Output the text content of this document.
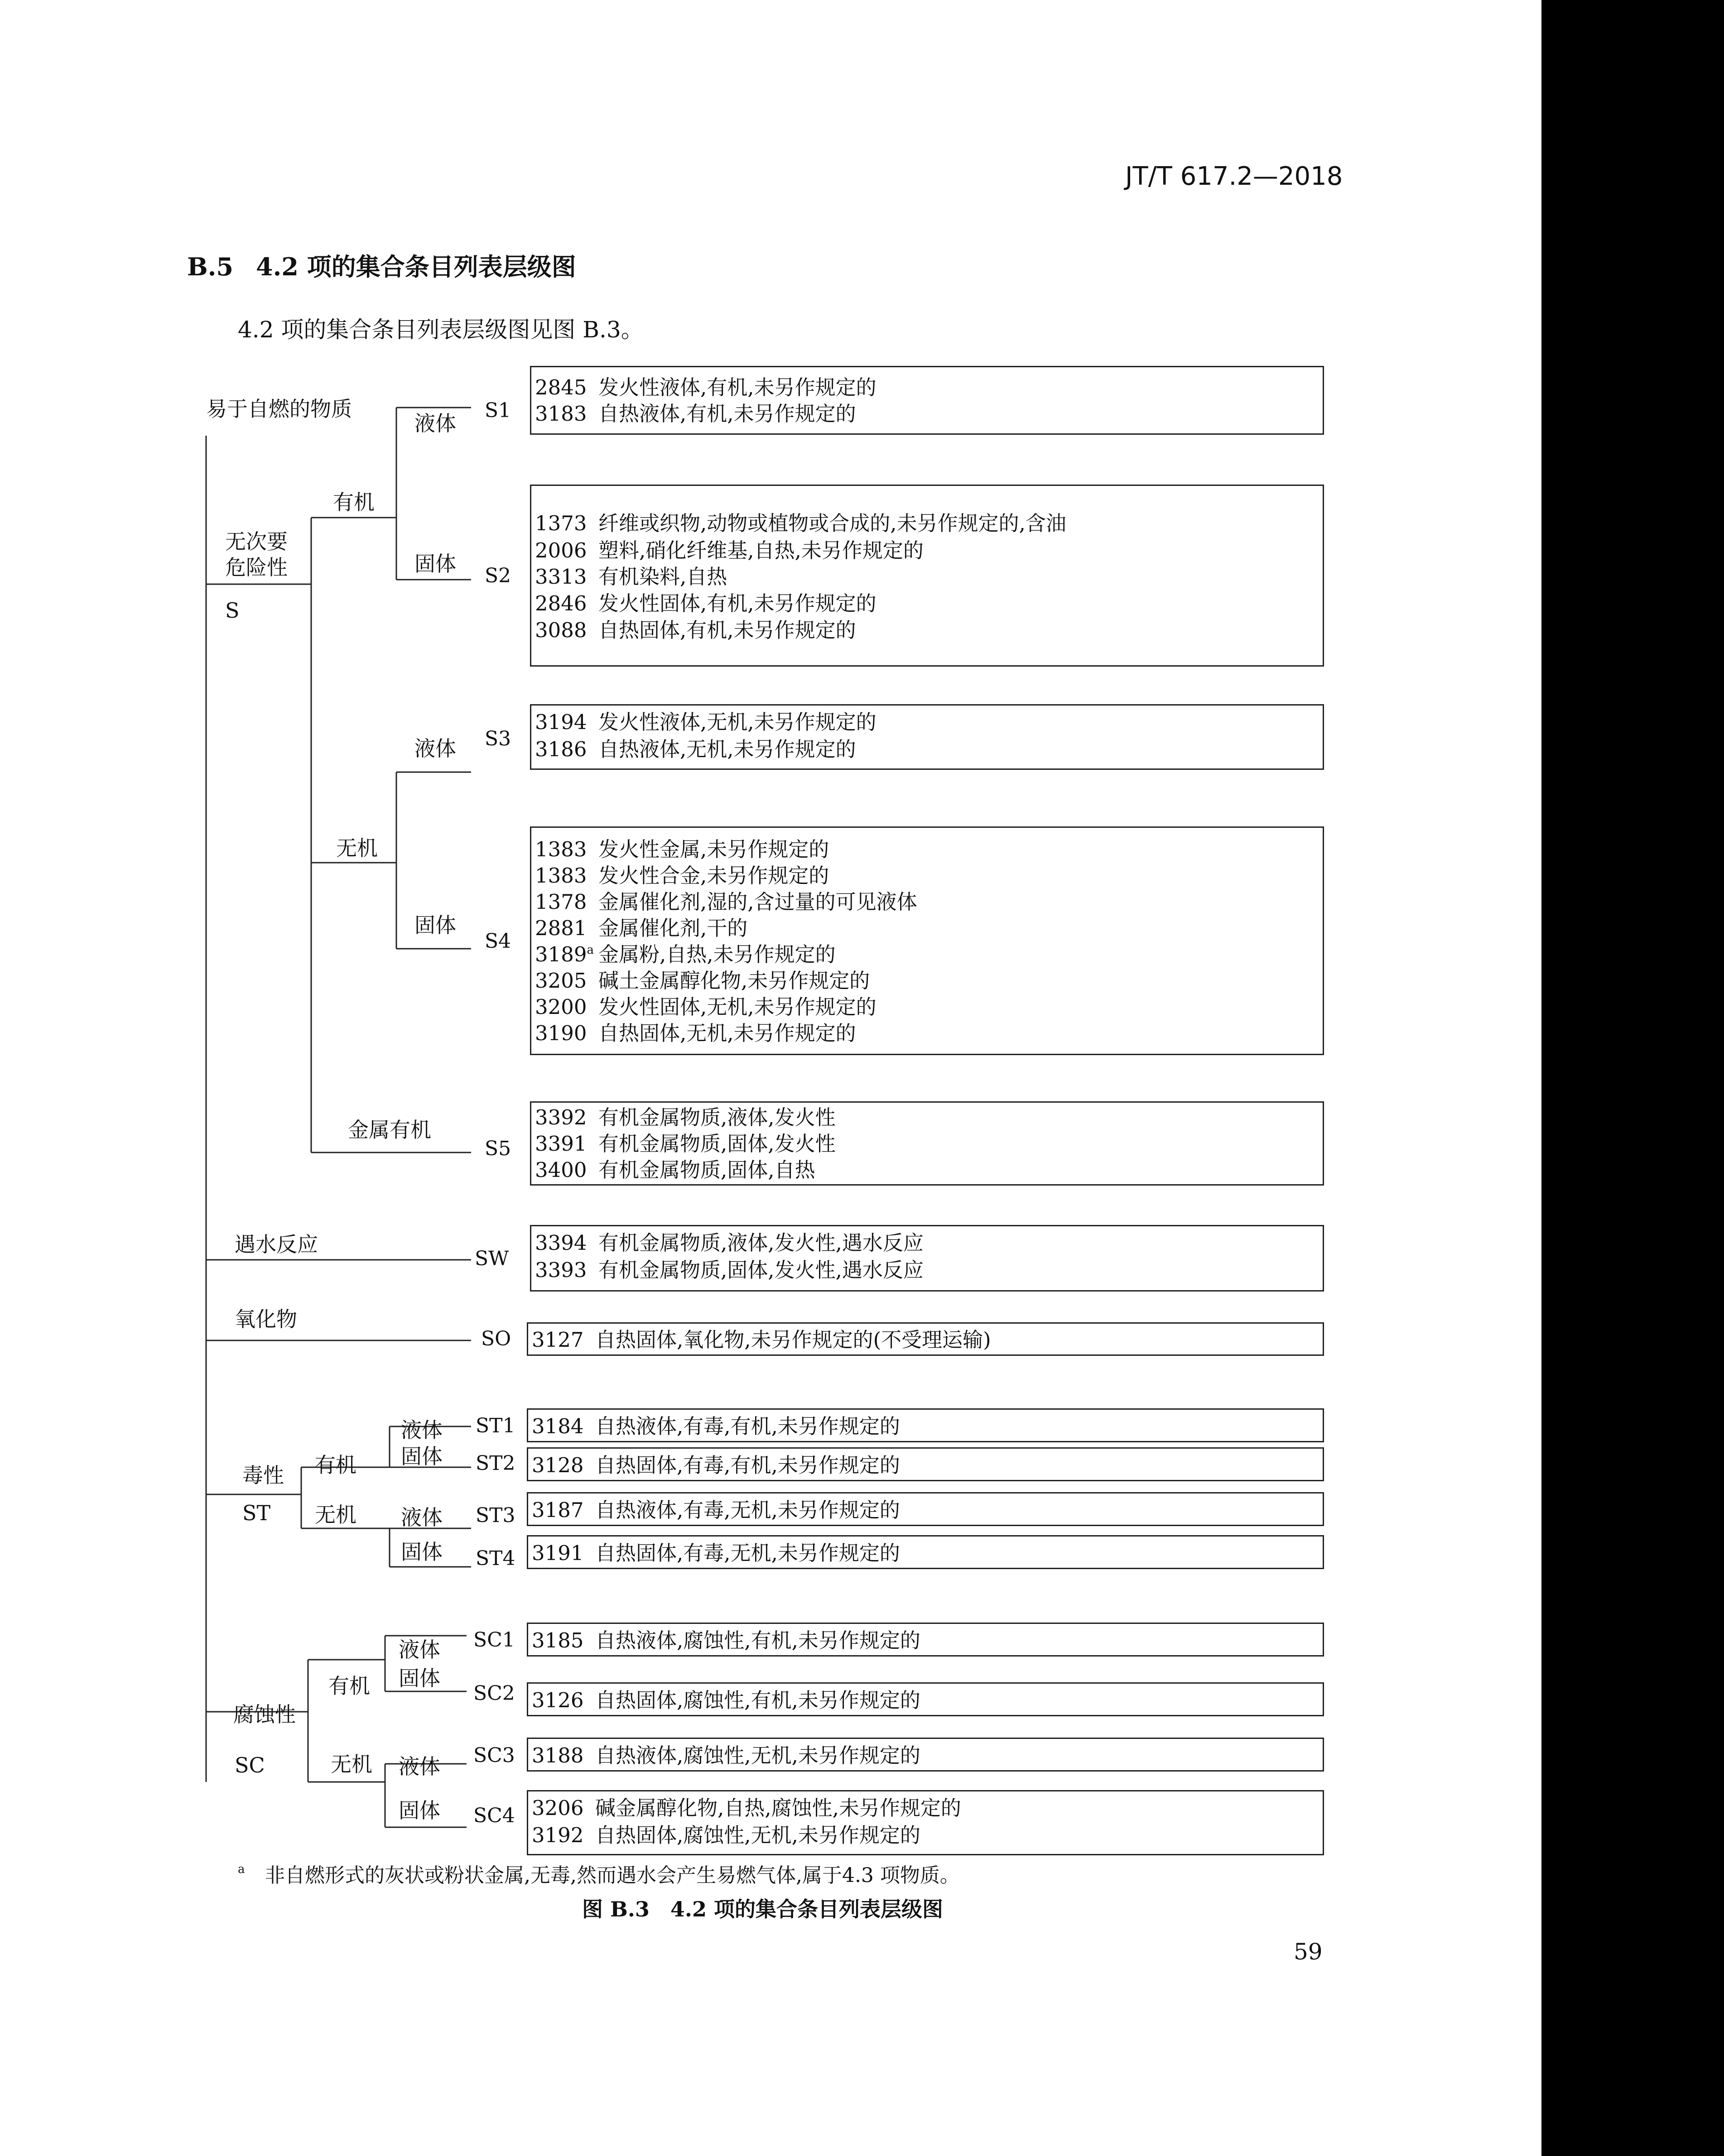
JT/T 617.2—2018
B.5 4.2 项的集合条目列表层级图
4.2 项的集合条目列表层级图见图 B.3。
易于自燃的物质
无次要
危险性
S
有机
液体
固体
无机
液体
固体
金属有机
遇水反应
氧化物
毒性
ST
有机
无机
液体
固体
液体
固体
腐蚀性
SC
有机
无机
液体
固体
液体
固体
S1
S2
S3
S4
S5
SW
SO
ST1
ST2
ST3
ST4
SC1
SC2
SC3
SC4
2845 发火性液体,有机,未另作规定的
3183 自热液体,有机,未另作规定的
1373 纤维或织物,动物或植物或合成的,未另作规定的,含油
2006 塑料,硝化纤维基,自热,未另作规定的
3313 有机染料,自热
2846 发火性固体,有机,未另作规定的
3088 自热固体,有机,未另作规定的
3194 发火性液体,无机,未另作规定的
3186 自热液体,无机,未另作规定的
1383 发火性金属,未另作规定的
1383 发火性合金,未另作规定的
1378 金属催化剂,湿的,含过量的可见液体
2881 金属催化剂,干的
3189$^a$ 金属粉,自热,未另作规定的
3205 碱土金属醇化物,未另作规定的
3200 发火性固体,无机,未另作规定的
3190 自热固体,无机,未另作规定的
3392 有机金属物质,液体,发火性
3391 有机金属物质,固体,发火性
3400 有机金属物质,固体,自热
3394 有机金属物质,液体,发火性,遇水反应
3393 有机金属物质,固体,发火性,遇水反应
3127 自热固体,氧化物,未另作规定的(不受理运输)
3184 自热液体,有毒,有机,未另作规定的
3128 自热固体,有毒,有机,未另作规定的
3187 自热液体,有毒,无机,未另作规定的
3191 自热固体,有毒,无机,未另作规定的
3185 自热液体,腐蚀性,有机,未另作规定的
3126 自热固体,腐蚀性,有机,未另作规定的
3188 自热液体,腐蚀性,无机,未另作规定的
3206 碱金属醇化物,自热,腐蚀性,未另作规定的
3192 自热固体,腐蚀性,无机,未另作规定的
$^a$ 非自燃形式的灰状或粉状金属,无毒,然而遇水会产生易燃气体,属于4.3 项物质。
图 B.3　4.2 项的集合条目列表层级图
59
